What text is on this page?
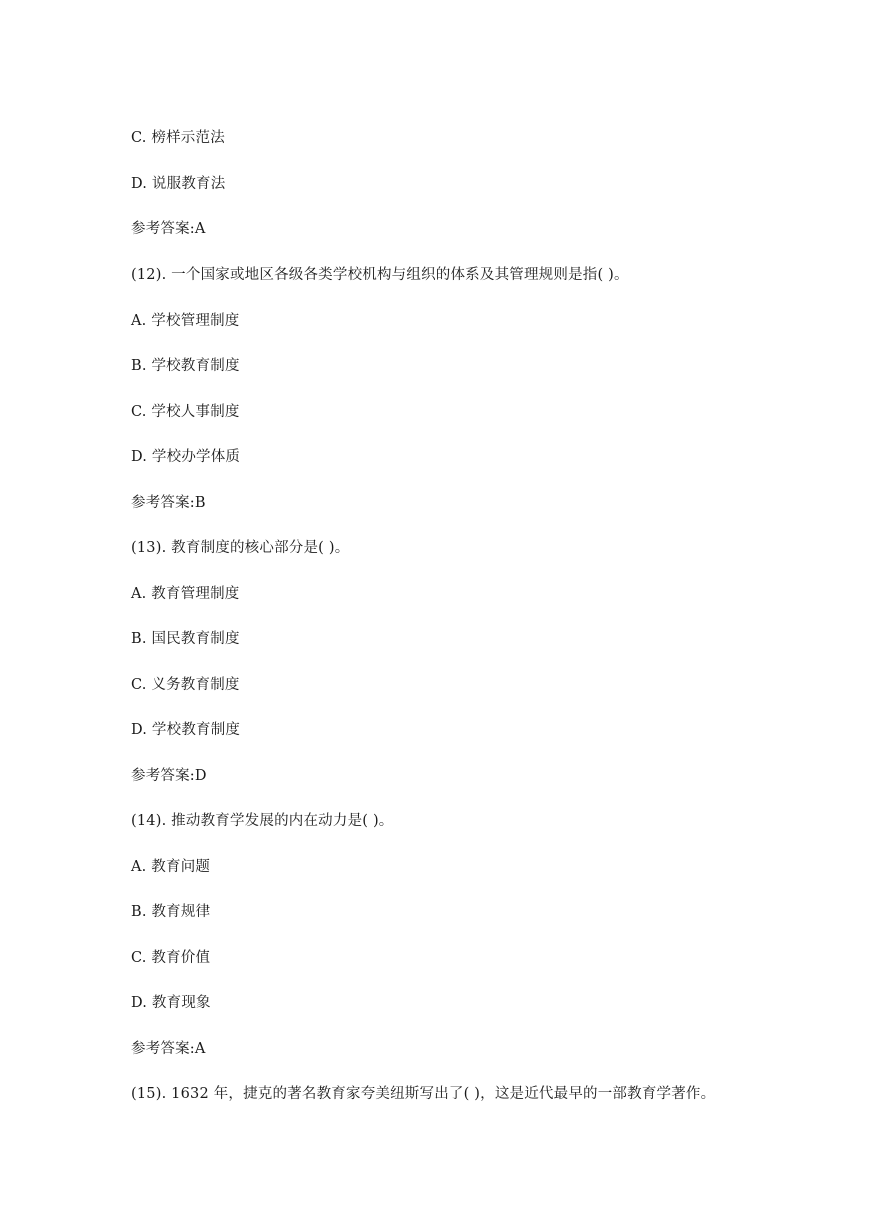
C. 榜样示范法
D. 说服教育法
参考答案:A
(12). 一个国家或地区各级各类学校机构与组织的体系及其管理规则是指( )。
A. 学校管理制度
B. 学校教育制度
C. 学校人事制度
D. 学校办学体质
参考答案:B
(13). 教育制度的核心部分是( )。
A. 教育管理制度
B. 国民教育制度
C. 义务教育制度
D. 学校教育制度
参考答案:D
(14). 推动教育学发展的内在动力是( )。
A. 教育问题
B. 教育规律
C. 教育价值
D. 教育现象
参考答案:A
(15). 1632 年，捷克的著名教育家夸美纽斯写出了( )，这是近代最早的一部教育学著作。
